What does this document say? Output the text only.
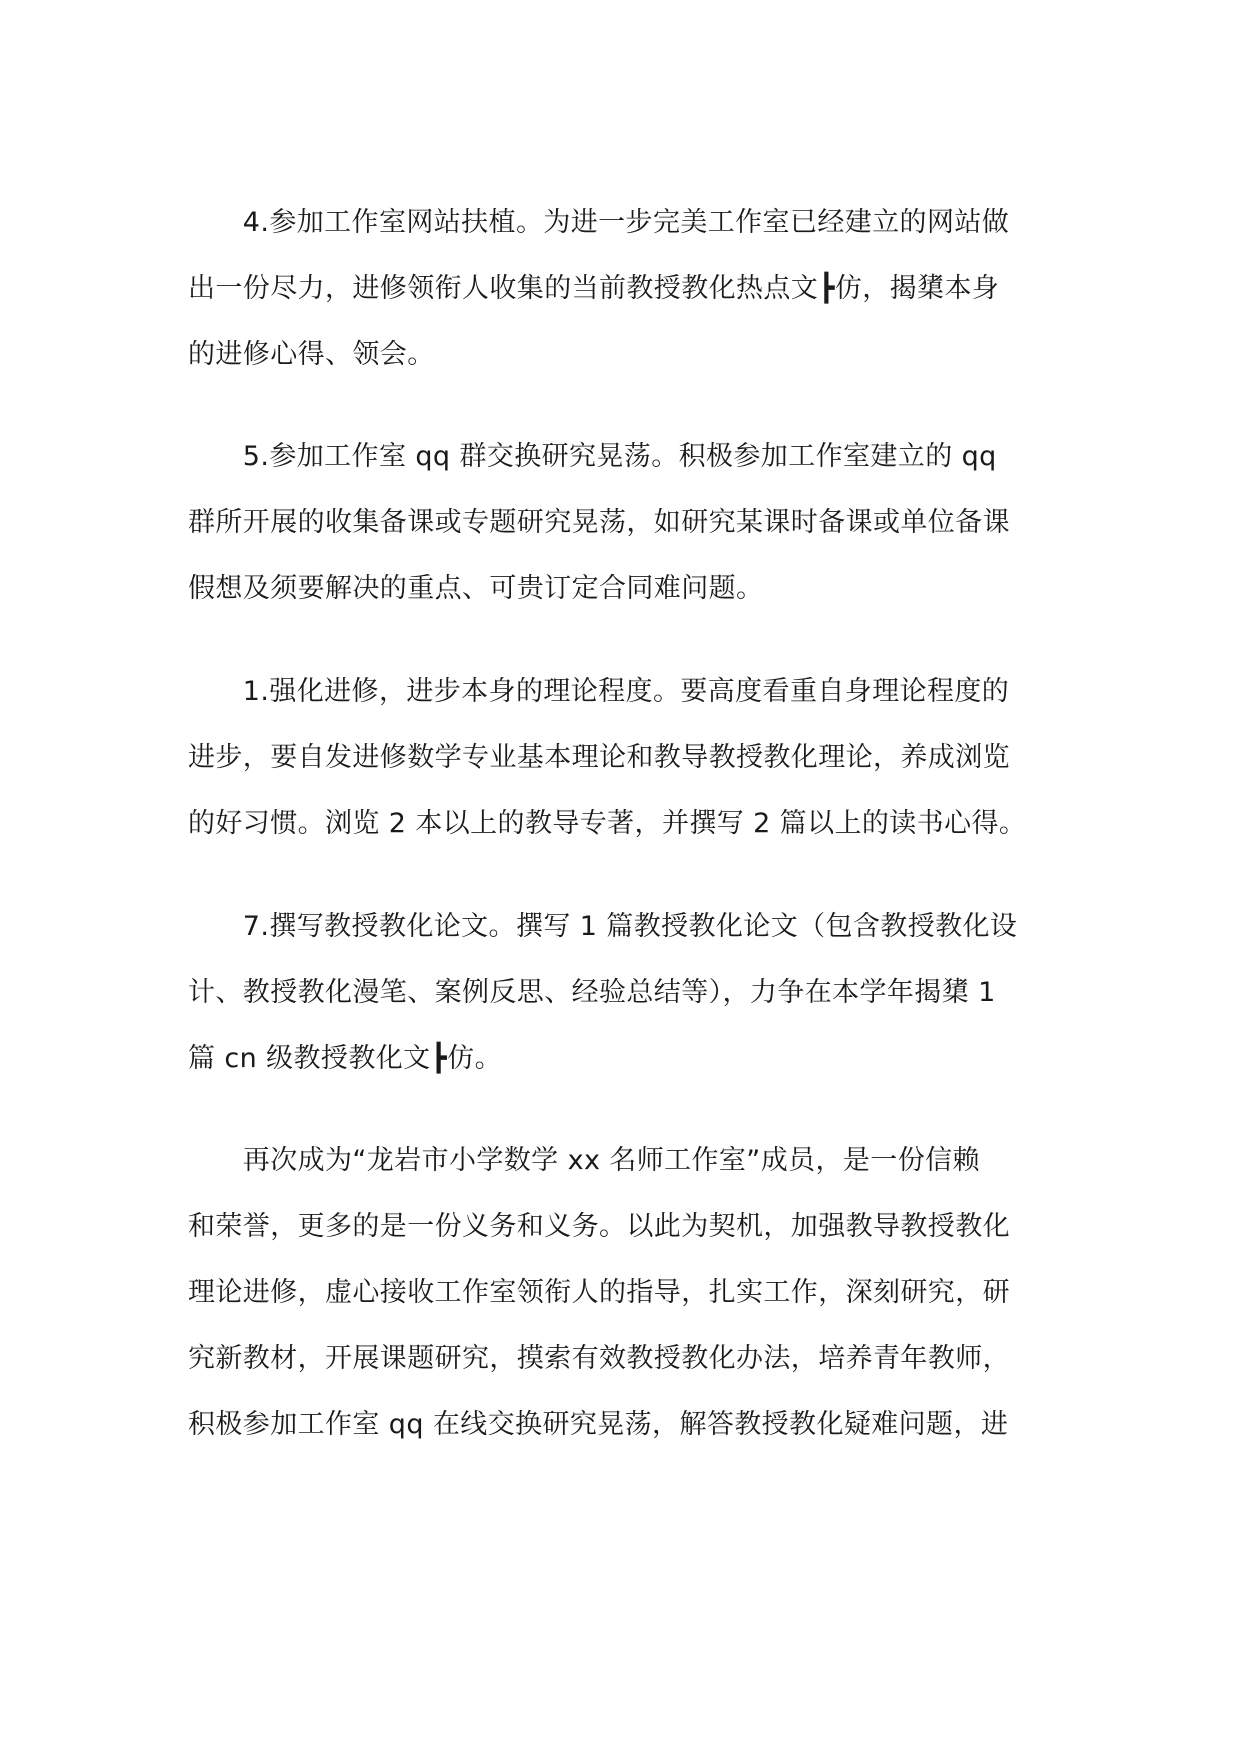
　　4.参加工作室网站扶植。为进一步完美工作室已经建立的网站做
出一份尽力，进修领衔人收集的当前教授教化热点文┣仿，揭橥本身
的进修心得、领会。
　　5.参加工作室 qq 群交换研究晃荡。积极参加工作室建立的 qq
群所开展的收集备课或专题研究晃荡，如研究某课时备课或单位备课
假想及须要解决的重点、可贵订定合同难问题。
　　1.强化进修，进步本身的理论程度。要高度看重自身理论程度的
进步，要自发进修数学专业基本理论和教导教授教化理论，养成浏览
的好习惯。浏览 2 本以上的教导专著，并撰写 2 篇以上的读书心得。
　　7.撰写教授教化论文。撰写 1 篇教授教化论文（包含教授教化设
计、教授教化漫笔、案例反思、经验总结等），力争在本学年揭橥 1
篇 cn 级教授教化文┣仿。
　　再次成为“龙岩市小学数学 xx 名师工作室”成员，是一份信赖
和荣誉，更多的是一份义务和义务。以此为契机，加强教导教授教化
理论进修，虚心接收工作室领衔人的指导，扎实工作，深刻研究，研
究新教材，开展课题研究，摸索有效教授教化办法，培养青年教师，
积极参加工作室 qq 在线交换研究晃荡，解答教授教化疑难问题，进
